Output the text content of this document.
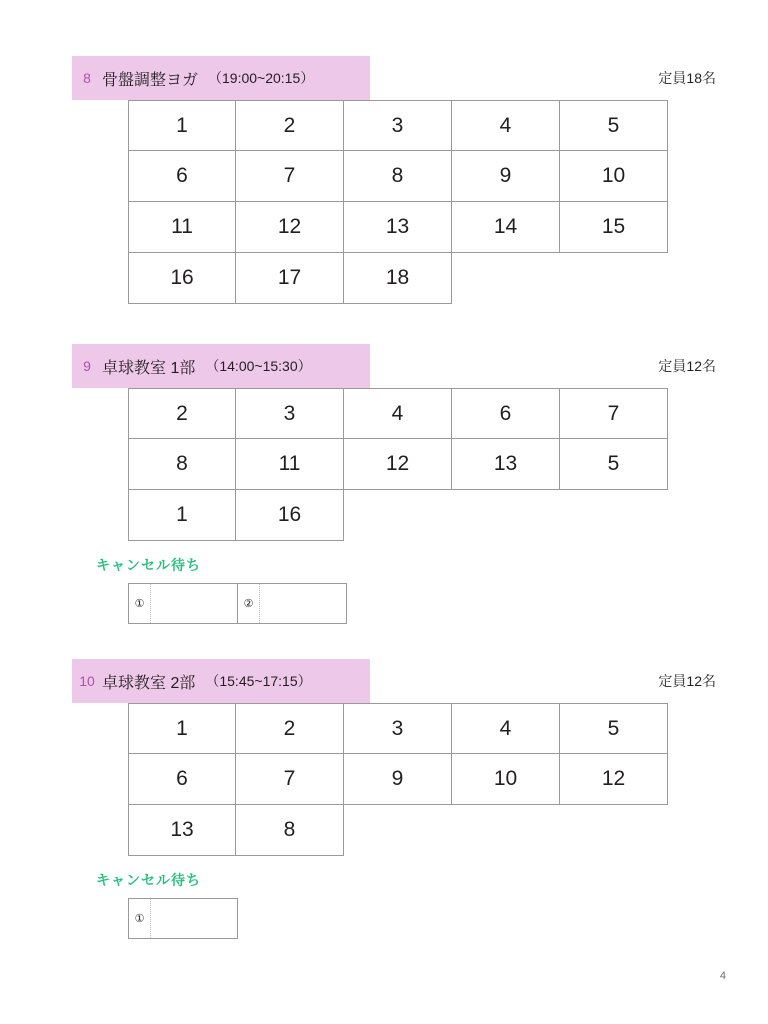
8 骨盤調整ヨガ （19:00~20:15）	定員18名
1	2	3	4	5
6	7	8	9	10
11	12	13	14	15
16	17	18
9 卓球教室 1部 （14:00~15:30）	定員12名
2	3	4	6	7
8	11	12	13	5
1	16
キャンセル待ち
①	②
10 卓球教室 2部 （15:45~17:15）	定員12名
1	2	3	4	5
6	7	9	10	12
13	8
キャンセル待ち
①
4
